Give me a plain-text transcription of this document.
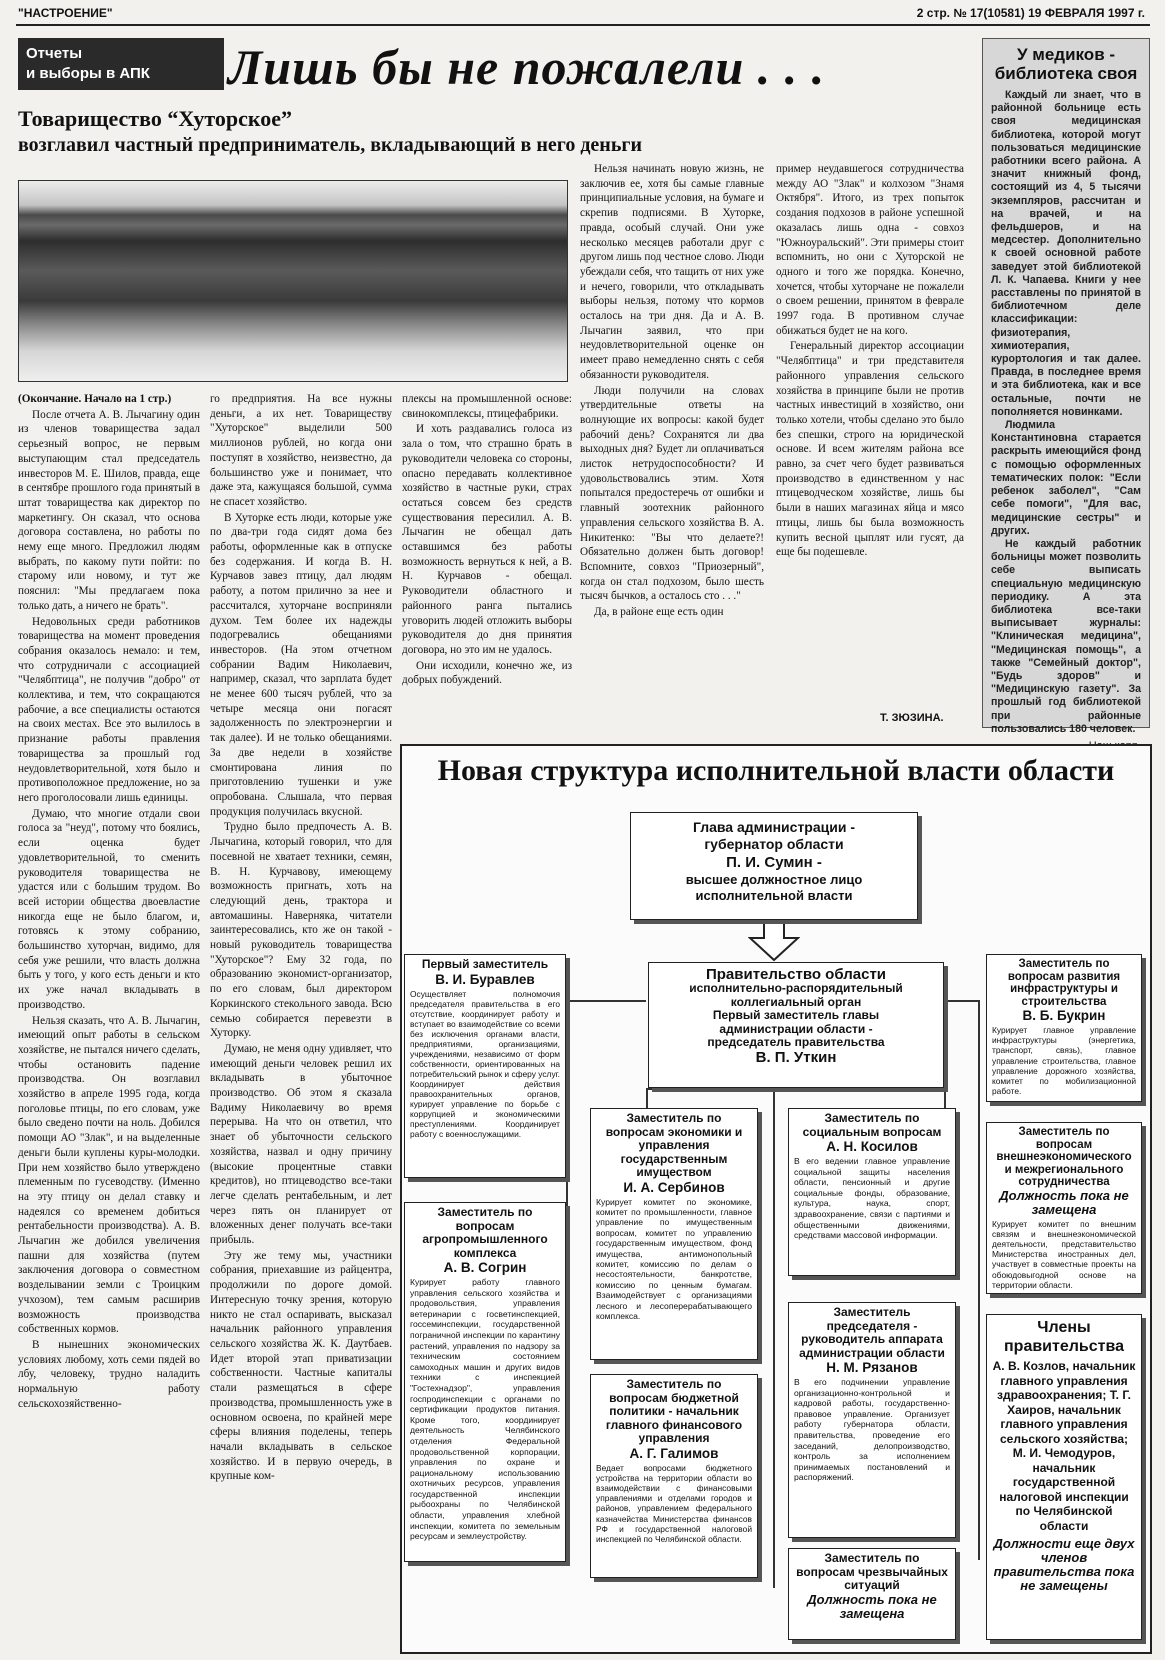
"НАСТРОЕНИЕ"	2 стр. № 17(10581) 19 ФЕВРАЛЯ 1997 г.
Отчеты
и выборы в АПК	Лишь бы не пожалели . . .
Товарищество “Хуторское”
возглавил частный предприниматель, вкладывающий в него деньги
У медиков - библиотека своя

Каждый ли знает, что в районной больнице есть своя медицинская библиотека, которой могут пользоваться медицинские работники всего района. А значит книжный фонд, состоящий из 4, 5 тысячи экземпляров, рассчитан и на врачей, и на фельдшеров, и на медсестер. Дополнительно к своей основной работе заведует этой библиотекой Л. К. Чапаева. Книги у нее расставлены по принятой в библиотечном деле классификации: физиотерапия, химиотерапия, курортология и так далее. Правда, в последнее время и эта библиотека, как и все остальные, почти не пополняется новинками.

Людмила Константиновна старается раскрыть имеющийся фонд с помощью оформленных тематических полок: "Если ребенок заболел", "Сам себе помоги", "Для вас, медицинские сестры" и других.

Не каждый работник больницы может позволить себе выписать специальную медицинскую периодику. А эта библиотека все-таки выписывает журналы: "Клиническая медицина", "Медицинская помощь", а также "Семейный доктор", "Будь здоров" и "Медицинскую газету". За прошлый год библиотекой при районные пользовались 180 человек.

(Окончание. Начало на 1 стр.)

После отчета А. В. Лычагину один из членов товарищества задал серьезный вопрос, не первым выступающим стал председатель инвесторов М. Е. Шилов, правда, еще в сентябре прошлого года принятый в штат товарищества как директор по маркетингу. Он сказал, что основа договора составлена, но работы по нему еще много. Предложил людям выбрать, по какому пути пойти: по старому или новому, и тут же пояснил: "Мы предлагаем пока только дать, а ничего не брать".

Недовольных среди работников товарищества на момент проведения собрания оказалось немало: и тем, что сотрудничали с ассоциацией "Челябптица", не получив "добро" от коллектива, и тем, что сокращаются рабочие, а все специалисты остаются на своих местах. Все это вылилось в признание работы правления товарищества за прошлый год неудовлетворительной, хотя было и противоположное предложение, но за него проголосовали лишь единицы.

Думаю, что многие отдали свои голоса за "неуд", потому что боялись, если оценка будет удовлетворительной, то сменить руководителя товарищества не удастся или с большим трудом. Во всей истории общества двоевластие никогда еще не было благом, и, готовясь к этому собранию, большинство хуторчан, видимо, для себя уже решили, что власть должна быть у того, у кого есть деньги и кто их уже начал вкладывать в производство.

Нельзя сказать, что А. В. Лычагин, имеющий опыт работы в сельском хозяйстве, не пытался ничего сделать, чтобы остановить падение производства. Он возглавил хозяйство в апреле 1995 года, когда поголовье птицы, по его словам, уже было сведено почти на ноль. Добился помощи АО "Злак", и на выделенные деньги были куплены куры-молодки. При нем хозяйство было утверждено племенным по гусеводству. (Именно на эту птицу он делал ставку и надеялся со временем добиться рентабельности производства). А. В. Лычагин же добился увеличения пашни для хозяйства (путем заключения договора о совместном возделывании земли с Троицким учхозом), тем самым расширив возможность производства собственных кормов.

В нынешних экономических условиях любому, хоть семи пядей во лбу, человеку, трудно наладить нормальную работу сельскохозяйственно-

го предприятия. На все нужны деньги, а их нет. Товариществу "Хуторское" выделили 500 миллионов рублей, но когда они поступят в хозяйство, неизвестно, да большинство уже и понимает, что даже эта, кажущаяся большой, сумма не спасет хозяйство.

В Хуторке есть люди, которые уже по два-три года сидят дома без работы, оформленные как в отпуске без содержания. И когда В. Н. Курчавов завез птицу, дал людям работу, а потом прилично за нее и рассчитался, хуторчане восприняли духом. Тем более их надежды подогревались обещаниями инвесторов. (На этом отчетном собрании Вадим Николаевич, например, сказал, что зарплата будет не менее 600 тысяч рублей, что за четыре месяца они погасят задолженность по электроэнергии и так далее). И не только обещаниями. За две недели в хозяйстве смонтирована линия по приготовлению тушенки и уже опробована. Слышала, что первая продукция получилась вкусной.

Трудно было предпочесть А. В. Лычагина, который говорил, что для посевной не хватает техники, семян, В. Н. Курчавову, имеющему возможность пригнать, хоть на следующий день, трактора и автомашины. Наверняка, читатели заинтересовались, кто же он такой - новый руководитель товарищества "Хуторское"? Ему 32 года, по образованию экономист-организатор, по его словам, был директором Коркинского стекольного завода. Всю семью собирается перевезти в Хуторку.

Думаю, не меня одну удивляет, что имеющий деньги человек решил их вкладывать в убыточное производство. Об этом я сказала Вадиму Николаевичу во время перерыва. На что он ответил, что знает об убыточности сельского хозяйства, назвал и одну причину (высокие процентные ставки кредитов), но птицеводство все-таки легче сделать рентабельным, и лет через пять он планирует от вложенных денег получать все-таки прибыль.

Эту же тему мы, участники собрания, приехавшие из райцентра, продолжили по дороге домой. Интересную точку зрения, которую никто не стал оспаривать, высказал начальник районного управления сельского хозяйства Ж. К. Даутбаев. Идет второй этап приватизации собственности. Частные капиталы стали размещаться в сфере производства, промышленность уже в основном освоена, по крайней мере сферы влияния поделены, теперь начали вкладывать в сельское хозяйство. И в первую очередь, в крупные ком-

плексы на промышленной основе: свинокомплексы, птицефабрики.

И хоть раздавались голоса из зала о том, что страшно брать в руководители человека со стороны, опасно передавать коллективное хозяйство в частные руки, страх остаться совсем без средств существования пересилил. А. В. Лычагин не обещал дать оставшимся без работы возможность вернуться к ней, а В. Н. Курчавов - обещал. Руководители областного и районного ранга пытались уговорить людей отложить выборы руководителя до дня принятия договора, но это им не удалось.

Они исходили, конечно же, из добрых побуждений.

Нельзя начинать новую жизнь, не заключив ее, хотя бы самые главные принципиальные условия, на бумаге и скрепив подписями. В Хуторке, правда, особый случай. Они уже несколько месяцев работали друг с другом лишь под честное слово. Люди убеждали себя, что тащить от них уже и нечего, говорили, что откладывать выборы нельзя, потому что кормов осталось на три дня. Да и А. В. Лычагин заявил, что при неудовлетворительной оценке он имеет право немедленно снять с себя обязанности руководителя.

Люди получили на словах утвердительные ответы на волнующие их вопросы: какой будет рабочий день? Сохранятся ли два выходных дня? Будет ли оплачиваться листок нетрудоспособности? И удовольствовались этим. Хотя попытался предостеречь от ошибки и главный зоотехник районного управления сельского хозяйства В. А. Никитенко: "Вы что делаете?! Обязательно должен быть договор! Вспомните, совхоз "Приозерный", когда он стал подхозом, было шесть тысяч бычков, а осталось сто . . ."

Да, в районе еще есть один

пример неудавшегося сотрудничества между АО "Злак" и колхозом "Знамя Октября". Итого, из трех попыток создания подхозов в районе успешной оказалась лишь одна - совхоз "Южноуральский". Эти примеры стоит вспомнить, но они с Хуторской не одного и того же порядка. Конечно, хочется, чтобы хуторчане не пожалели о своем решении, принятом в феврале 1997 года. В противном случае обижаться будет не на кого.

Генеральный директор ассоциации "Челябптица" и три представителя районного управления сельского хозяйства в принципе были не против частных инвестиций в хозяйство, они только хотели, чтобы сделано это было без спешки, строго на юридической основе. И всем жителям района все равно, за счет чего будет развиваться производство в единственном у нас птицеводческом хозяйстве, лишь бы были в наших магазинах яйца и мясо птицы, лишь бы была возможность купить весной цыплят или гусят, да еще бы подешевле.

Т. ЗЮЗИНА.
Новая структура исполнительной власти области
Глава администрации -
губернатор области
П. И. Сумин -
высшее должностное лицо
исполнительной власти
Правительство области
исполнительно-распорядительный
коллегиальный орган
Первый заместитель главы
администрации области -
председатель правительства
В. П. Уткин
Первый заместитель
В. И. Буравлев
Осуществляет полномочия председателя правительства в его отсутствие, координирует работу и вступает во взаимодействие со всеми без исключения органами власти, предприятиями, организациями, учреждениями, независимо от форм собственности, ориентированных на потребительский рынок и сферу услуг. Координирует действия правоохранительных органов, курирует управление по борьбе с коррупцией и экономическими преступлениями. Координирует работу с военнослужащими.
Заместитель по вопросам агропромышленного комплекса
А. В. Согрин
Курирует работу главного управления сельского хозяйства и продовольствия, управления ветеринарии с госветинспекцией, госсеминспекции, государственной пограничной инспекции по карантину растений, управления по надзору за техническим состоянием самоходных машин и других видов техники с инспекцией "Гостехнадзор", управления госпродинспекции с органами по сертификации продуктов питания. Кроме того, координирует деятельность Челябинского отделения Федеральной продовольственной корпорации, управления по охране и рациональному использованию охотничьих ресурсов, управления государственной инспекции рыбоохраны по Челябинской области, управления хлебной инспекции, комитета по земельным ресурсам и землеустройству.
Заместитель по вопросам экономики и управления государственным имуществом
И. А. Сербинов
Курирует комитет по экономике, комитет по промышленности, главное управление по имущественным вопросам, комитет по управлению государственным имуществом, фонд имущества, антимонопольный комитет, комиссию по делам о несостоятельности, банкротстве, комиссию по ценным бумагам. Взаимодействует с организациями лесного и лесоперерабатывающего комплекса.
Заместитель по вопросам бюджетной политики - начальник главного финансового управления
А. Г. Галимов
Ведает вопросами бюджетного устройства на территории области во взаимодействии с финансовыми управлениями и отделами городов и районов, управлением федерального казначейства Министерства финансов РФ и государственной налоговой инспекцией по Челябинской области.
Заместитель по социальным вопросам
А. Н. Косилов
В его ведении главное управление социальной защиты населения области, пенсионный и другие социальные фонды, образование, культура, наука, спорт, здравоохранение, связи с партиями и общественными движениями, средствами массовой информации.
Заместитель председателя - руководитель аппарата администрации области
Н. М. Рязанов
В его подчинении управление организационно-контрольной и кадровой работы, государственно-правовое управление. Организует работу губернатора области, правительства, проведение его заседаний, делопроизводство, контроль за исполнением принимаемых постановлений и распоряжений.
Заместитель по вопросам чрезвычайных ситуаций
Должность пока не замещена
Заместитель по вопросам развития инфраструктуры и строительства
В. Б. Букрин
Курирует главное управление инфраструктуры (энергетика, транспорт, связь), главное управление строительства, главное управление дорожного хозяйства, комитет по мобилизационной работе.
Заместитель по вопросам внешнеэкономического и межрегионального сотрудничества
Должность пока не замещена
Курирует комитет по внешним связям и внешнеэкономической деятельности, представительство Министерства иностранных дел, участвует в совместные проекты на обоюдовыгодной основе на территории области.
Члены правительства
А. В. Козлов, начальник главного управления здравоохранения; Т. Г. Хаиров, начальник главного управления сельского хозяйства; М. И. Чемодуров, начальник государственной налоговой инспекции по Челябинской области
Должности еще двух членов правительства пока не замещены
